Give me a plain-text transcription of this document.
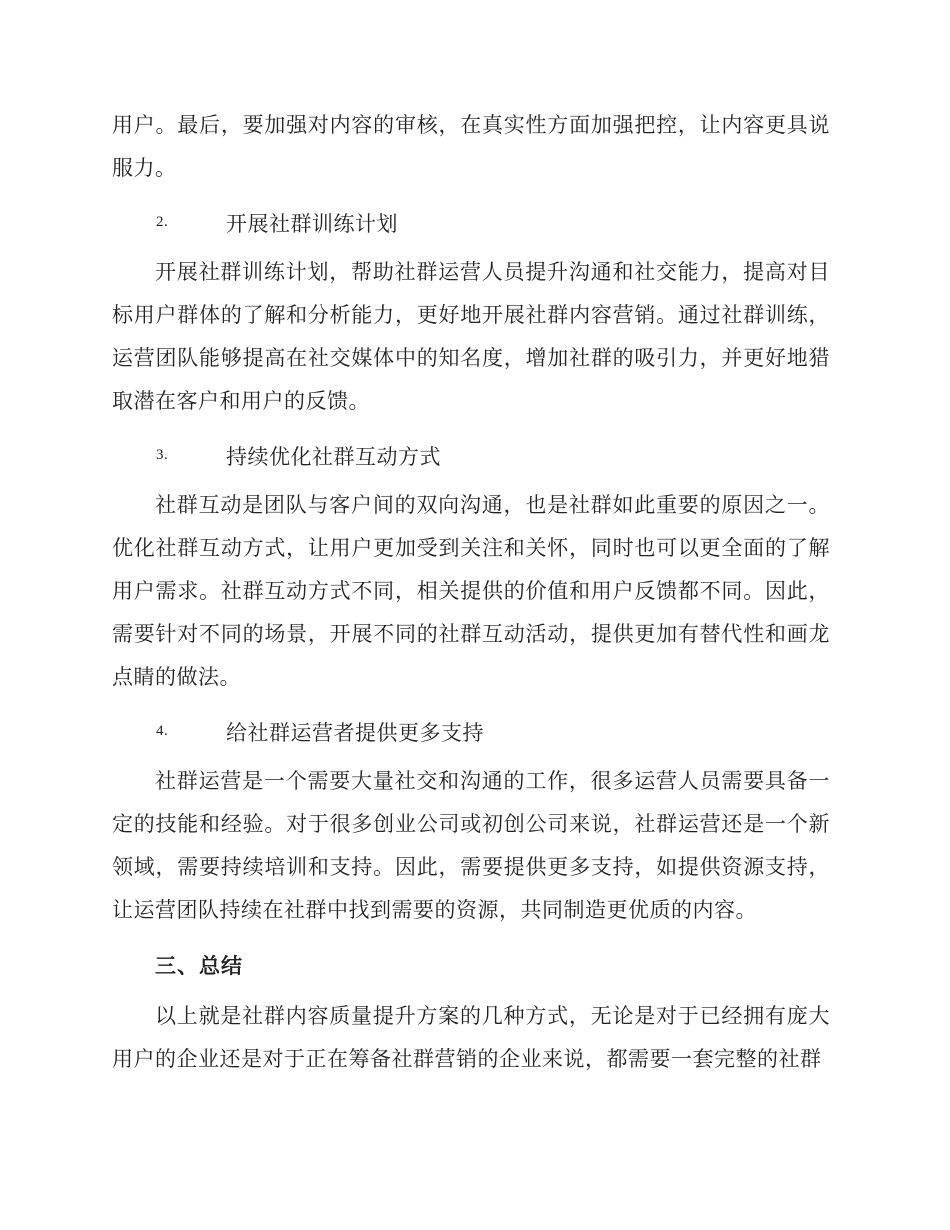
用户。最后，要加强对内容的审核，在真实性方面加强把控，让内容更具说服力。

2.	开展社群训练计划

开展社群训练计划，帮助社群运营人员提升沟通和社交能力，提高对目标用户群体的了解和分析能力，更好地开展社群内容营销。通过社群训练，运营团队能够提高在社交媒体中的知名度，增加社群的吸引力，并更好地猎取潜在客户和用户的反馈。

3.	持续优化社群互动方式

社群互动是团队与客户间的双向沟通，也是社群如此重要的原因之一。优化社群互动方式，让用户更加受到关注和关怀，同时也可以更全面的了解用户需求。社群互动方式不同，相关提供的价值和用户反馈都不同。因此，需要针对不同的场景，开展不同的社群互动活动，提供更加有替代性和画龙点睛的做法。

4.	给社群运营者提供更多支持

社群运营是一个需要大量社交和沟通的工作，很多运营人员需要具备一定的技能和经验。对于很多创业公司或初创公司来说，社群运营还是一个新领域，需要持续培训和支持。因此，需要提供更多支持，如提供资源支持，让运营团队持续在社群中找到需要的资源，共同制造更优质的内容。

三、总结

以上就是社群内容质量提升方案的几种方式，无论是对于已经拥有庞大用户的企业还是对于正在筹备社群营销的企业来说，都需要一套完整的社群
